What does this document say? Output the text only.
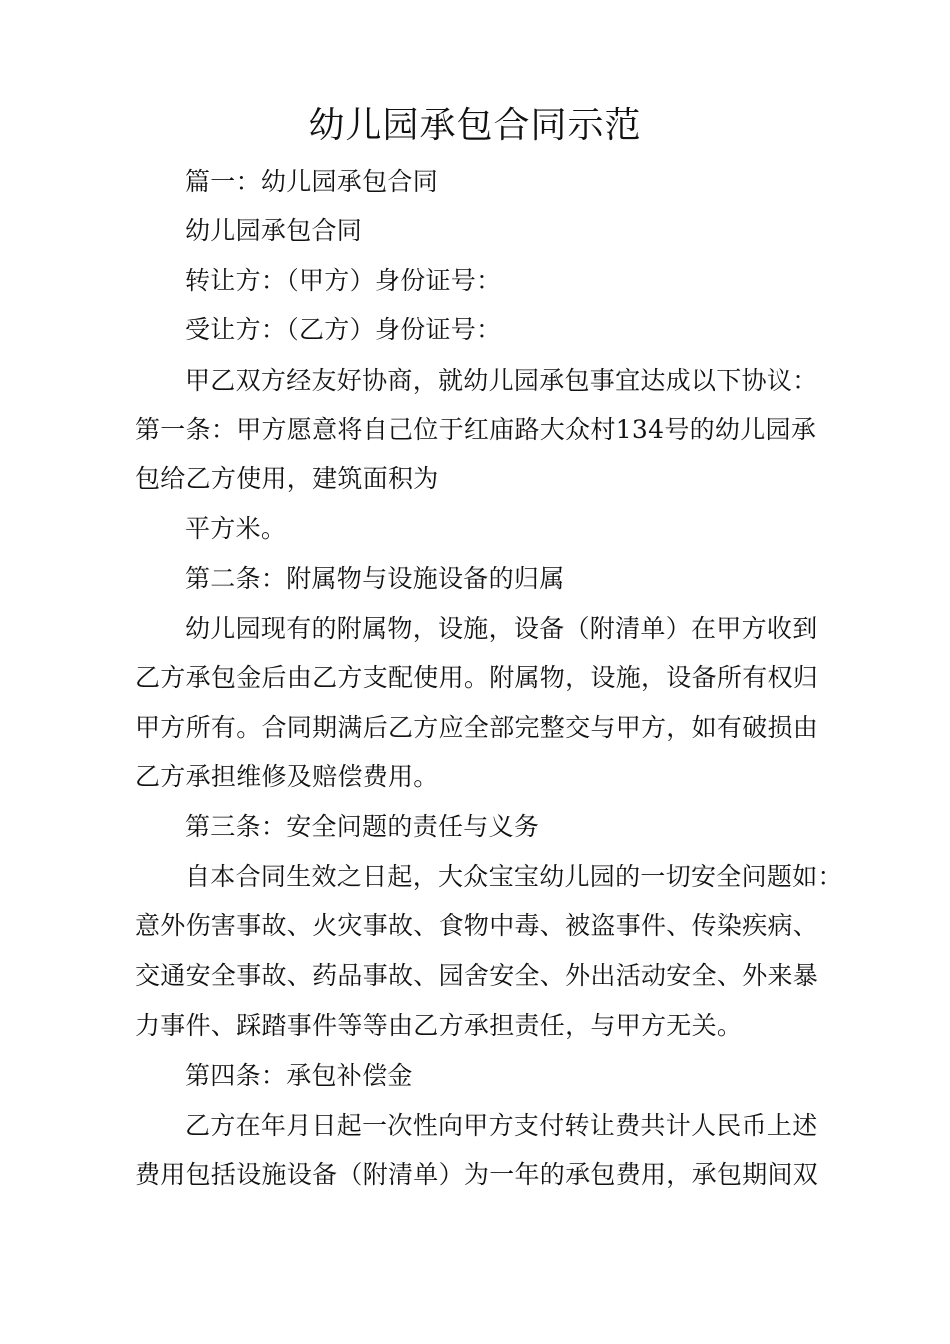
幼儿园承包合同示范
篇一：幼儿园承包合同
幼儿园承包合同
转让方：（甲方）身份证号：
受让方：（乙方）身份证号：
甲乙双方经友好协商，就幼儿园承包事宜达成以下协议：
第一条：甲方愿意将自己位于红庙路大众村134号的幼儿园承
包给乙方使用，建筑面积为
平方米。
第二条：附属物与设施设备的归属
幼儿园现有的附属物，设施，设备（附清单）在甲方收到
乙方承包金后由乙方支配使用。附属物，设施，设备所有权归
甲方所有。合同期满后乙方应全部完整交与甲方，如有破损由
乙方承担维修及赔偿费用。
第三条：安全问题的责任与义务
自本合同生效之日起，大众宝宝幼儿园的一切安全问题如：
意外伤害事故、火灾事故、食物中毒、被盗事件、传染疾病、
交通安全事故、药品事故、园舍安全、外出活动安全、外来暴
力事件、踩踏事件等等由乙方承担责任，与甲方无关。
第四条：承包补偿金
乙方在年月日起一次性向甲方支付转让费共计人民币上述
费用包括设施设备（附清单）为一年的承包费用，承包期间双
